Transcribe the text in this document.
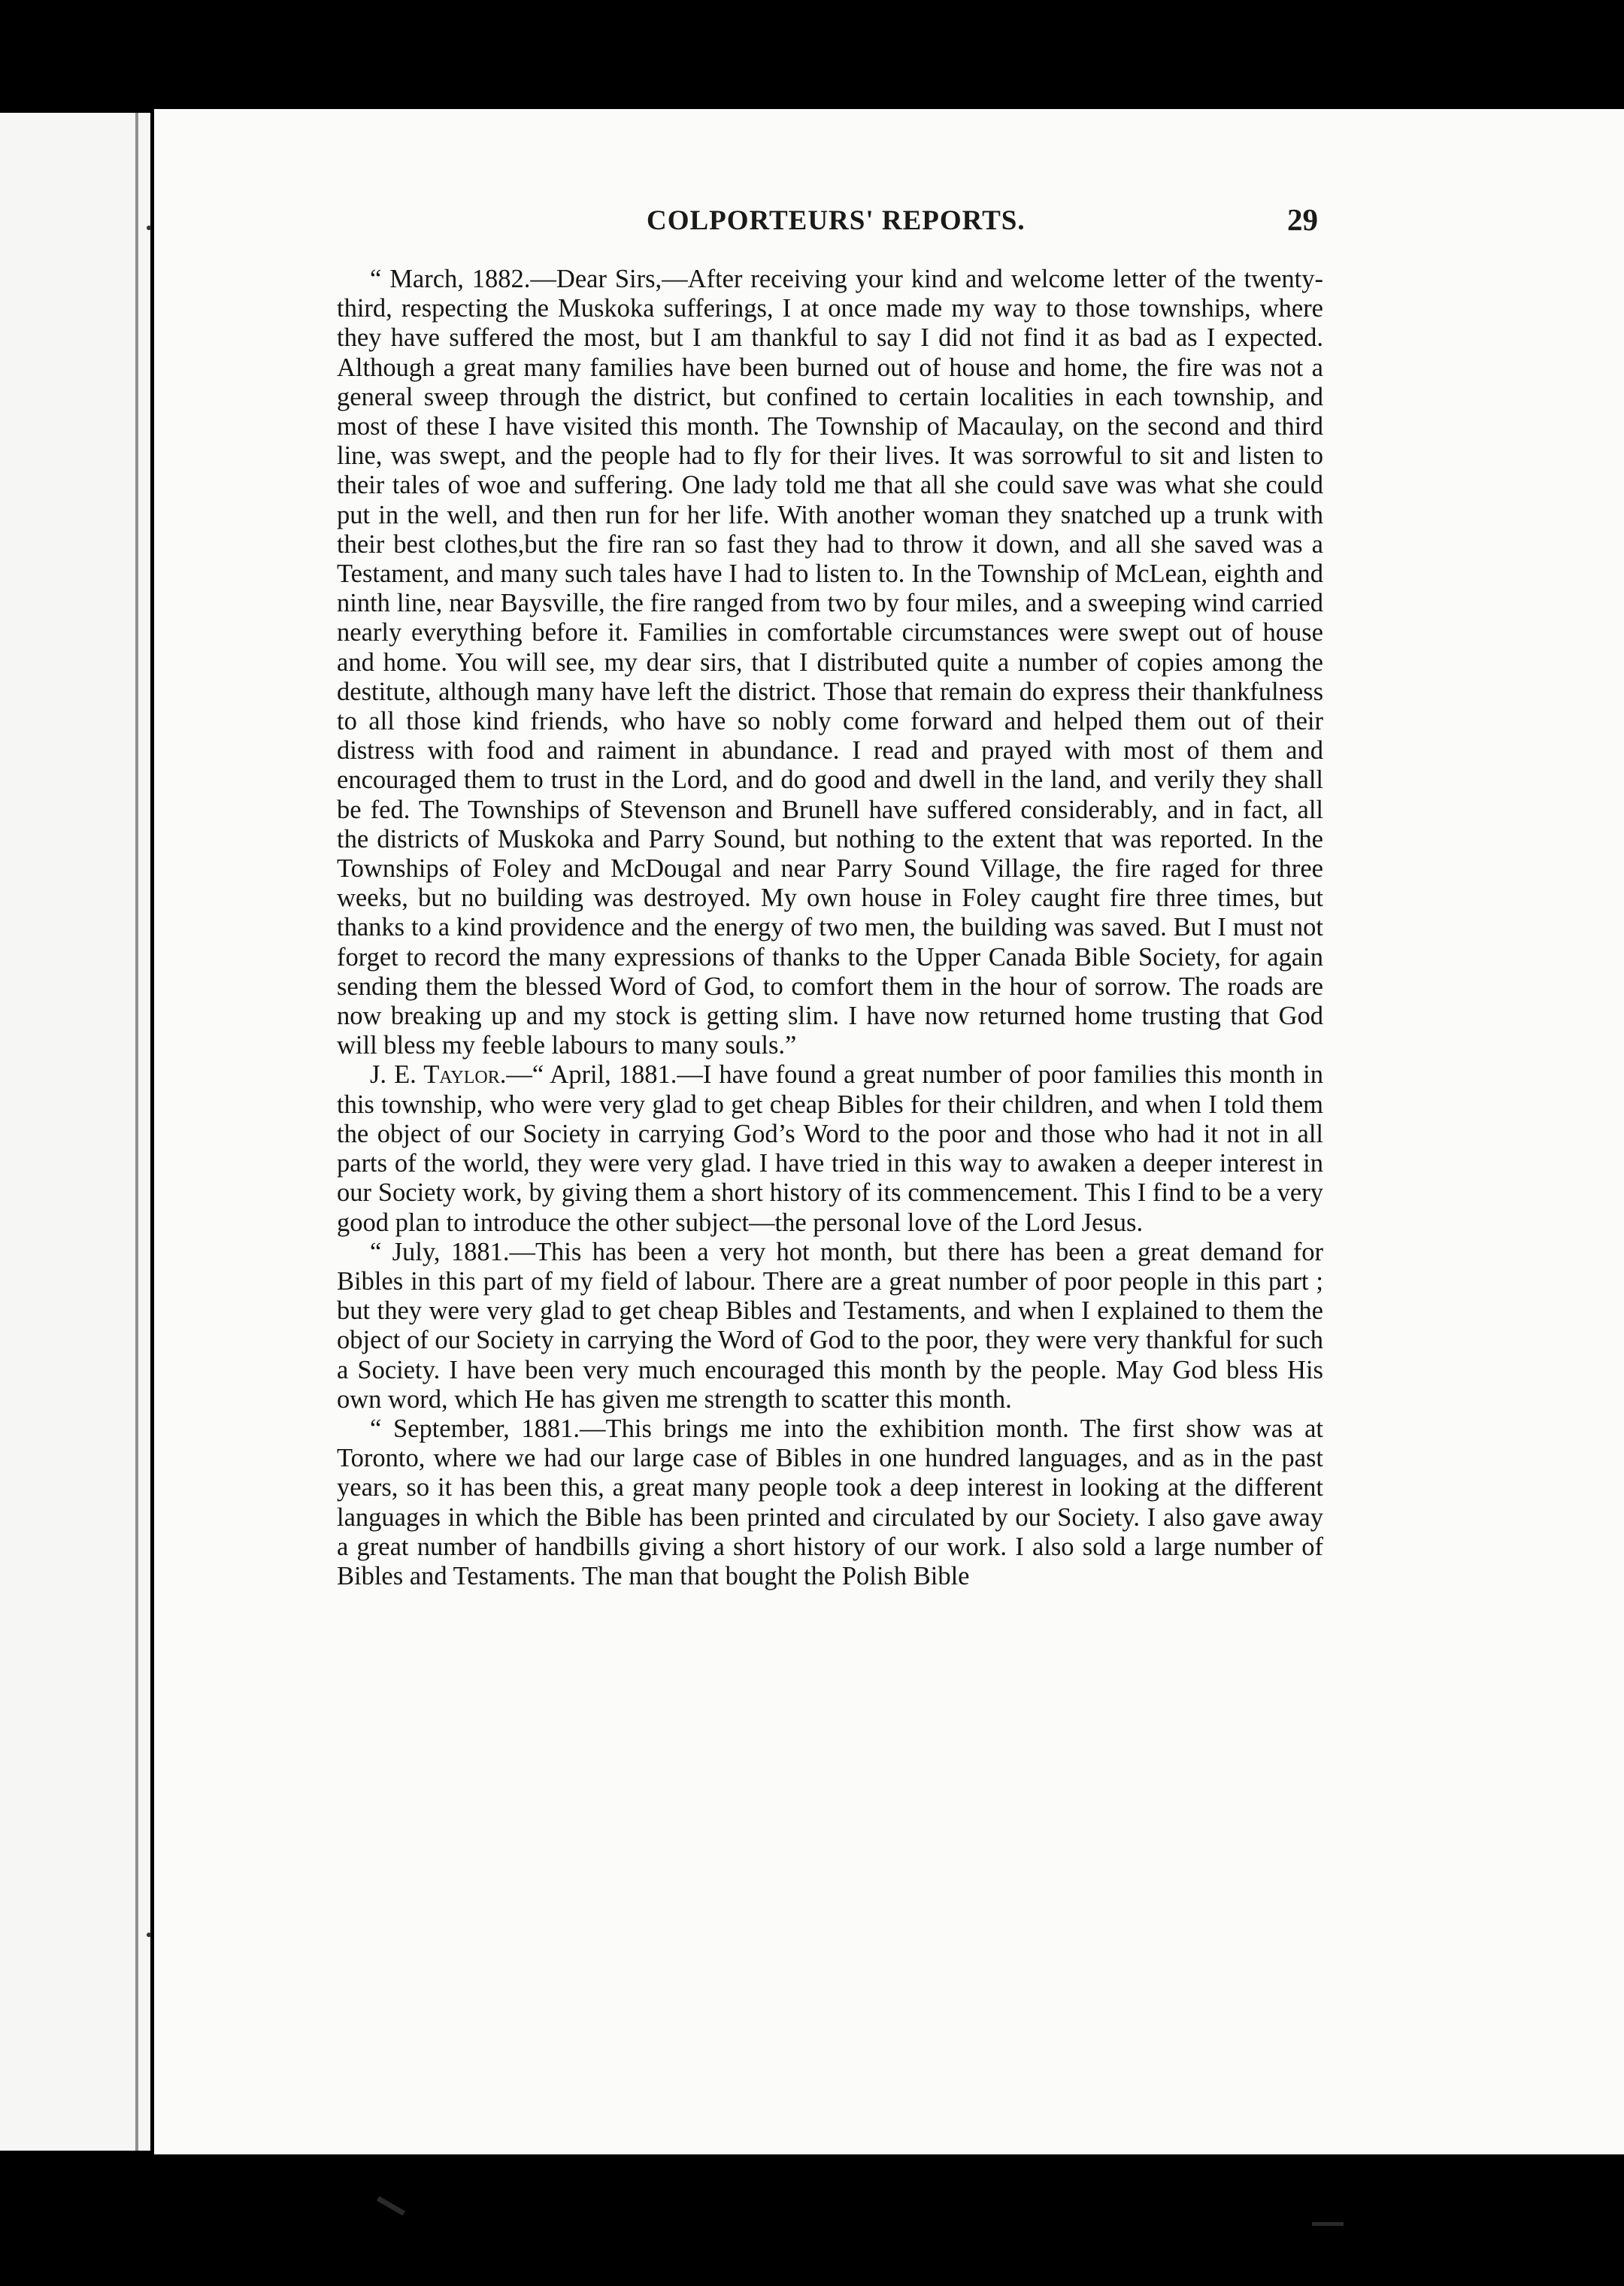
COLPORTEURS' REPORTS.	29

“ March, 1882.—Dear Sirs,—After receiving your kind and welcome letter of the twenty-third, respecting the Muskoka sufferings, I at once made my way to those townships, where they have suffered the most, but I am thankful to say I did not find it as bad as I expected. Although a great many families have been burned out of house and home, the fire was not a general sweep through the district, but confined to certain localities in each township, and most of these I have visited this month. The Township of Macaulay, on the second and third line, was swept, and the people had to fly for their lives. It was sorrowful to sit and listen to their tales of woe and suffering. One lady told me that all she could save was what she could put in the well, and then run for her life. With another woman they snatched up a trunk with their best clothes,but the fire ran so fast they had to throw it down, and all she saved was a Testament, and many such tales have I had to listen to. In the Township of McLean, eighth and ninth line, near Baysville, the fire ranged from two by four miles, and a sweeping wind carried nearly everything before it. Families in comfortable circumstances were swept out of house and home. You will see, my dear sirs, that I distributed quite a number of copies among the destitute, although many have left the district. Those that remain do express their thankfulness to all those kind friends, who have so nobly come forward and helped them out of their distress with food and raiment in abundance. I read and prayed with most of them and encouraged them to trust in the Lord, and do good and dwell in the land, and verily they shall be fed. The Townships of Stevenson and Brunell have suffered considerably, and in fact, all the districts of Muskoka and Parry Sound, but nothing to the extent that was reported. In the Townships of Foley and McDougal and near Parry Sound Village, the fire raged for three weeks, but no building was destroyed. My own house in Foley caught fire three times, but thanks to a kind providence and the energy of two men, the building was saved. But I must not forget to record the many expressions of thanks to the Upper Canada Bible Society, for again sending them the blessed Word of God, to comfort them in the hour of sorrow. The roads are now breaking up and my stock is getting slim. I have now returned home trusting that God will bless my feeble labours to many souls.”

J. E. Taylor.—“ April, 1881.—I have found a great number of poor families this month in this township, who were very glad to get cheap Bibles for their children, and when I told them the object of our Society in carrying God’s Word to the poor and those who had it not in all parts of the world, they were very glad. I have tried in this way to awaken a deeper interest in our Society work, by giving them a short history of its commencement. This I find to be a very good plan to introduce the other subject—the personal love of the Lord Jesus.

“ July, 1881.—This has been a very hot month, but there has been a great demand for Bibles in this part of my field of labour. There are a great number of poor people in this part ; but they were very glad to get cheap Bibles and Testaments, and when I explained to them the object of our Society in carrying the Word of God to the poor, they were very thankful for such a Society. I have been very much encouraged this month by the people. May God bless His own word, which He has given me strength to scatter this month.

“ September, 1881.—This brings me into the exhibition month. The first show was at Toronto, where we had our large case of Bibles in one hundred languages, and as in the past years, so it has been this, a great many people took a deep interest in looking at the different languages in which the Bible has been printed and circulated by our Society. I also gave away a great number of handbills giving a short history of our work. I also sold a large number of Bibles and Testaments. The man that bought the Polish Bible
